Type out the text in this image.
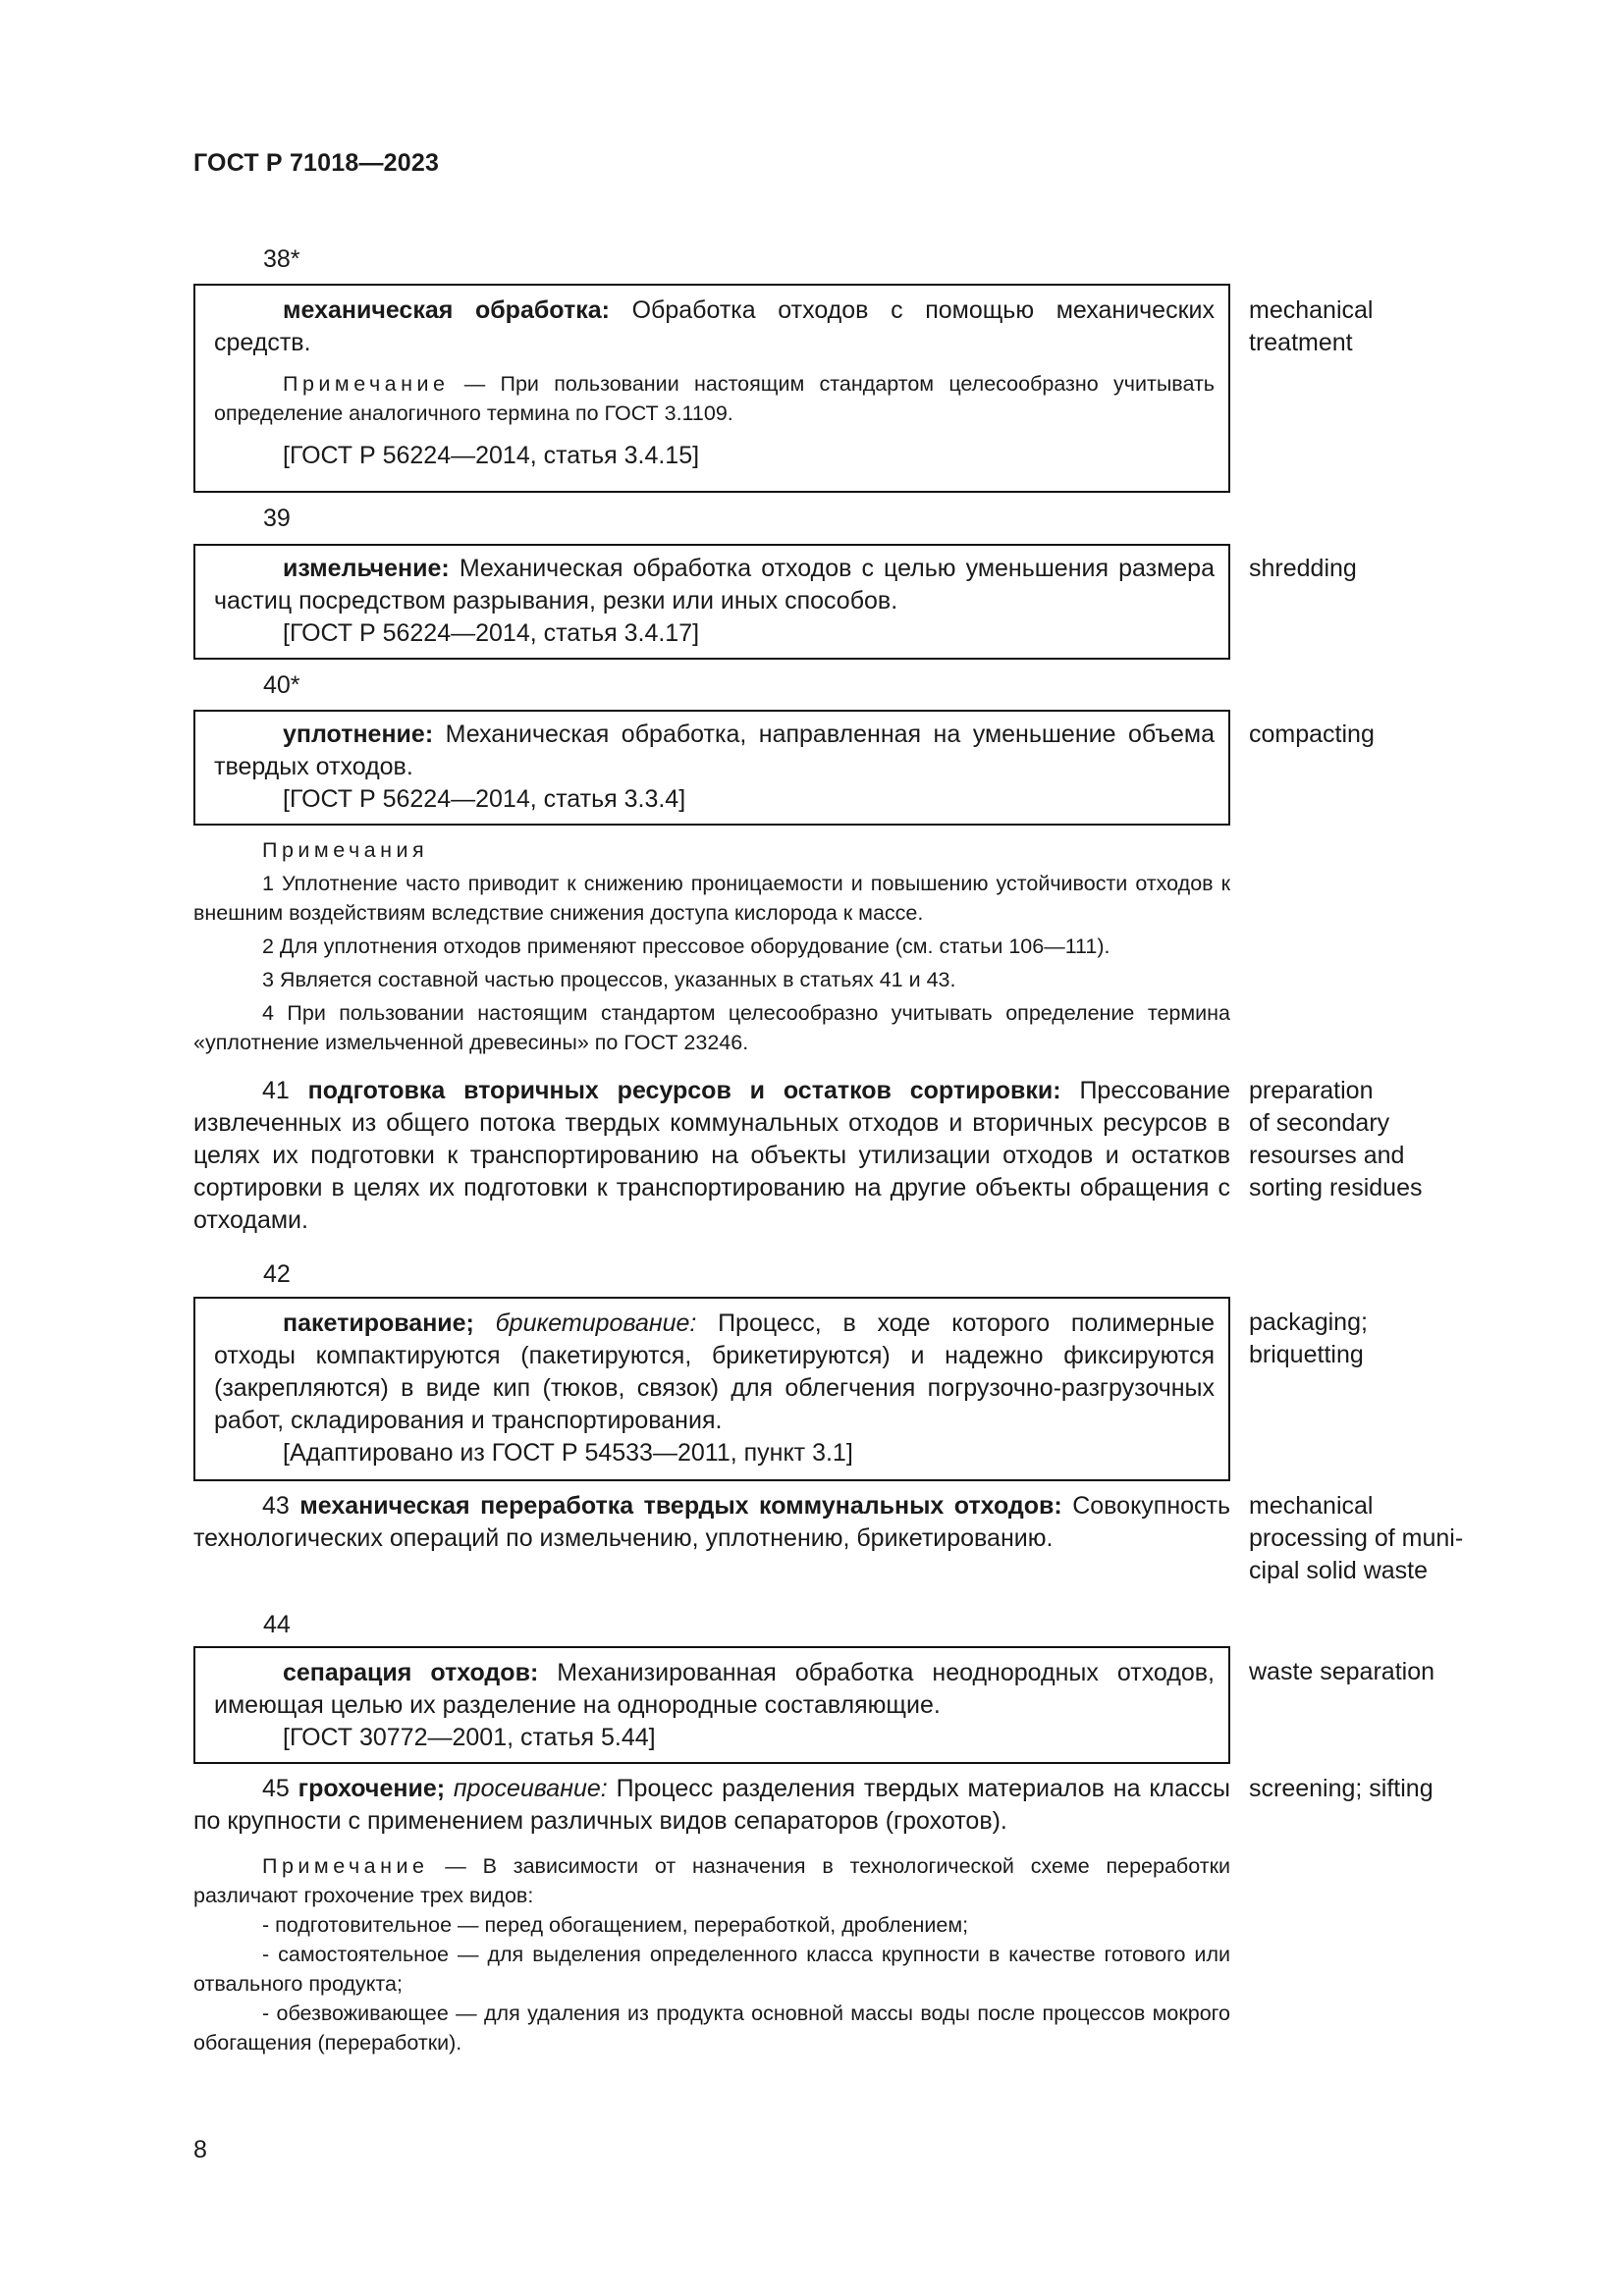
ГОСТ Р 71018—2023
38*

механическая обработка: Обработка отходов с помощью механических средств.

Примечание — При пользовании настоящим стандартом целесообразно учитывать определение аналогичного термина по ГОСТ 3.1109.

[ГОСТ Р 56224—2014, статья 3.4.15]

mechanical
treatment
39

измельчение: Механическая обработка отходов с целью уменьшения размера частиц посредством разрывания, резки или иных способов.

[ГОСТ Р 56224—2014, статья 3.4.17]

shredding
40*

уплотнение: Механическая обработка, направленная на уменьшение объема твердых отходов.

[ГОСТ Р 56224—2014, статья 3.3.4]

compacting

Примечания

1 Уплотнение часто приводит к снижению проницаемости и повышению устойчивости отходов к внешним воздействиям вследствие снижения доступа кислорода к массе.

2 Для уплотнения отходов применяют прессовое оборудование (см. статьи 106—111).

3 Является составной частью процессов, указанных в статьях 41 и 43.

4 При пользовании настоящим стандартом целесообразно учитывать определение термина «уплотнение измельченной древесины» по ГОСТ 23246.

41 подготовка вторичных ресурсов и остатков сортировки: Прессование извлеченных из общего потока твердых коммунальных отходов и вторичных ресурсов в целях их подготовки к транспортированию на объекты утилизации отходов и остатков сортировки в целях их подготовки к транспортированию на другие объекты обращения с отходами.

preparation
of secondary
resourses and
sorting residues
42

пакетирование; брикетирование: Процесс, в ходе которого полимерные отходы компактируются (пакетируются, брикетируются) и надежно фиксируются (закрепляются) в виде кип (тюков, связок) для облегчения погрузочно-разгрузочных работ, складирования и транспортирования.

[Адаптировано из ГОСТ Р 54533—2011, пункт 3.1]

packaging;
briquetting

43 механическая переработка твердых коммунальных отходов: Совокупность технологических операций по измельчению, уплотнению, брикетированию.

mechanical
processing of muni-
cipal solid waste
44

сепарация отходов: Механизированная обработка неоднородных отходов, имеющая целью их разделение на однородные составляющие.

[ГОСТ 30772—2001, статья 5.44]

waste separation

45 грохочение; просеивание: Процесс разделения твердых материалов на классы по крупности с применением различных видов сепараторов (грохотов).

Примечание — В зависимости от назначения в технологической схеме переработки различают грохочение трех видов:

- подготовительное — перед обогащением, переработкой, дроблением;

- самостоятельное — для выделения определенного класса крупности в качестве готового или отвального продукта;

- обезвоживающее — для удаления из продукта основной массы воды после процессов мокрого обогащения (переработки).

screening; sifting
8
